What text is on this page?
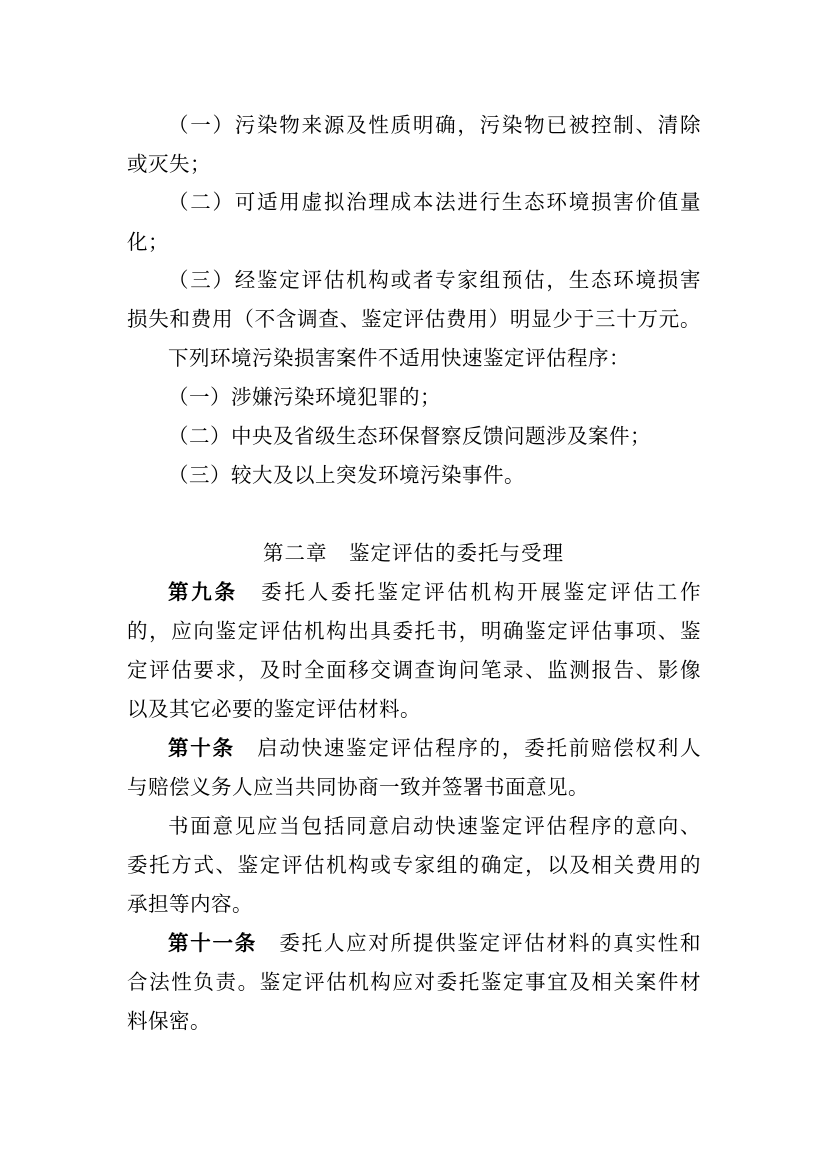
（一）污染物来源及性质明确，污染物已被控制、清除
或灭失；
（二）可适用虚拟治理成本法进行生态环境损害价值量
化；
（三）经鉴定评估机构或者专家组预估，生态环境损害
损失和费用（不含调查、鉴定评估费用）明显少于三十万元。
下列环境污染损害案件不适用快速鉴定评估程序：
（一）涉嫌污染环境犯罪的；
（二）中央及省级生态环保督察反馈问题涉及案件；
（三）较大及以上突发环境污染事件。
第二章　鉴定评估的委托与受理
第九条　 委托人委托鉴定评估机构开展鉴定评估工作
的，应向鉴定评估机构出具委托书，明确鉴定评估事项、鉴
定评估要求，及时全面移交调查询问笔录、监测报告、影像
以及其它必要的鉴定评估材料。
第十条　 启动快速鉴定评估程序的，委托前赔偿权利人
与赔偿义务人应当共同协商一致并签署书面意见。
书面意见应当包括同意启动快速鉴定评估程序的意向、
委托方式、鉴定评估机构或专家组的确定，以及相关费用的
承担等内容。
第十一条　 委托人应对所提供鉴定评估材料的真实性和
合法性负责。鉴定评估机构应对委托鉴定事宜及相关案件材
料保密。
